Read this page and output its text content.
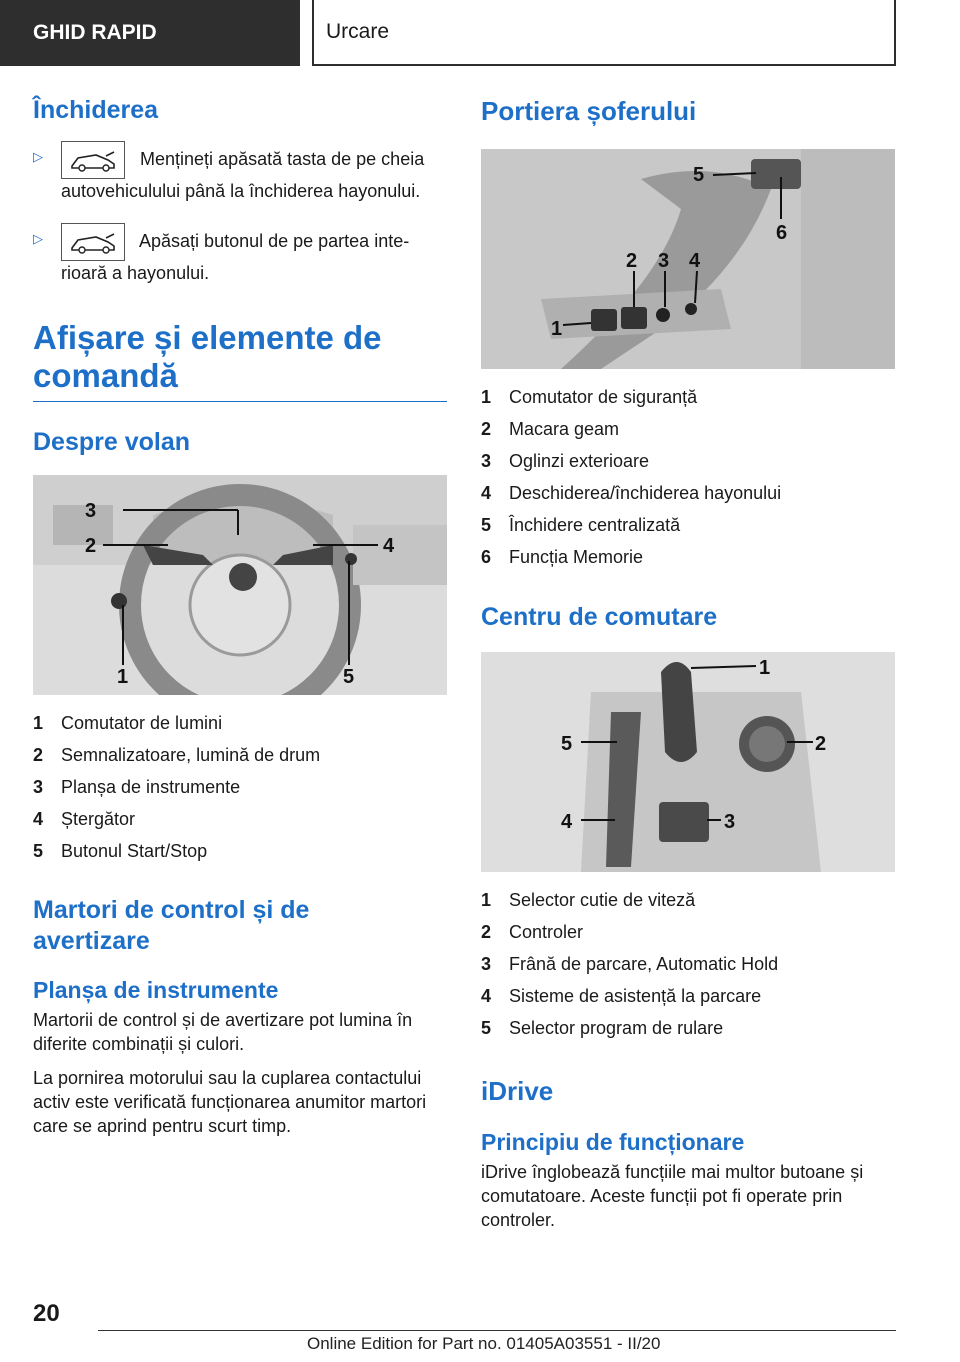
GHID RAPID	Urcare
Închiderea
▷	Mențineți apăsată tasta de pe cheia autovehiculului până la închiderea hayonului.
▷	Apăsați butonul de pe partea inte‐rioară a hayonului.
Afișare și elemente de comandă
Despre volan
3
2	4
1	5
1 Comutator de lumini
2 Semnalizatoare, lumină de drum
3 Planșa de instrumente
4 Ștergător
5 Butonul Start/Stop
Martori de control și de avertizare
Planșa de instrumente
Martorii de control și de avertizare pot lumina în diferite combinații și culori.
La pornirea motorului sau la cuplarea contactului activ este verificată funcționarea anumitor martori care se aprind pentru scurt timp.
Portiera șoferului
1
2 3 4
5
6
1 Comutator de siguranță
2 Macara geam
3 Oglinzi exterioare
4 Deschiderea/închiderea hayonului
5 Închidere centralizată
6 Funcția Memorie
Centru de comutare
1
2
3
4
5
1 Selector cutie de viteză
2 Controler
3 Frână de parcare, Automatic Hold
4 Sisteme de asistență la parcare
5 Selector program de rulare
iDrive
Principiu de funcționare
iDrive înglobează funcțiile mai multor butoane și comutatoare. Aceste funcții pot fi operate prin controler.
20
Online Edition for Part no. 01405A03551 - II/20
